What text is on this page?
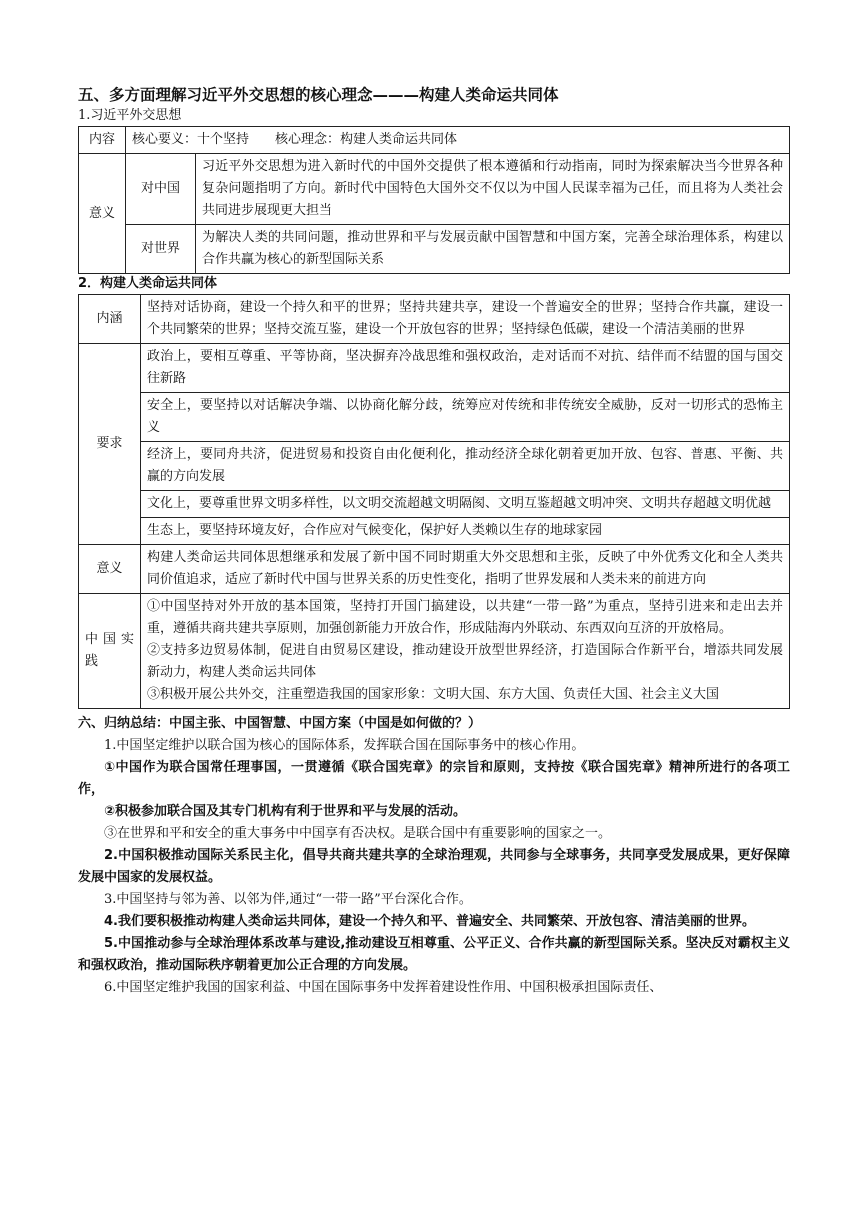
五、多方面理解习近平外交思想的核心理念———构建人类命运共同体

1.习近平外交思想

内容	核心要义：十个坚持　　核心理念：构建人类命运共同体	
意义	对中国	习近平外交思想为进入新时代的中国外交提供了根本遵循和行动指南，同时为探索解决当今世界各种复杂问题指明了方向。新时代中国特色大国外交不仅以为中国人民谋幸福为己任，而且将为人类社会共同进步展现更大担当
	对世界	为解决人类的共同问题，推动世界和平与发展贡献中国智慧和中国方案，完善全球治理体系，构建以合作共赢为核心的新型国际关系

2．构建人类命运共同体

内涵	坚持对话协商，建设一个持久和平的世界；坚持共建共享，建设一个普遍安全的世界；坚持合作共赢，建设一个共同繁荣的世界；坚持交流互鉴，建设一个开放包容的世界；坚持绿色低碳，建设一个清洁美丽的世界
要求	政治上，要相互尊重、平等协商，坚决摒弃冷战思维和强权政治，走对话而不对抗、结伴而不结盟的国与国交往新路
	安全上，要坚持以对话解决争端、以协商化解分歧，统筹应对传统和非传统安全威胁，反对一切形式的恐怖主义
	经济上，要同舟共济，促进贸易和投资自由化便利化，推动经济全球化朝着更加开放、包容、普惠、平衡、共赢的方向发展
	文化上，要尊重世界文明多样性，以文明交流超越文明隔阂、文明互鉴超越文明冲突、文明共存超越文明优越
	生态上，要坚持环境友好，合作应对气候变化，保护好人类赖以生存的地球家园
意义	构建人类命运共同体思想继承和发展了新中国不同时期重大外交思想和主张，反映了中外优秀文化和全人类共同价值追求，适应了新时代中国与世界关系的历史性变化，指明了世界发展和人类未来的前进方向
中国实践	①中国坚持对外开放的基本国策，坚持打开国门搞建设，以共建“一带一路”为重点，坚持引进来和走出去并重，遵循共商共建共享原则，加强创新能力开放合作，形成陆海内外联动、东西双向互济的开放格局。
②支持多边贸易体制，促进自由贸易区建设，推动建设开放型世界经济，打造国际合作新平台，增添共同发展新动力，构建人类命运共同体
③积极开展公共外交，注重塑造我国的国家形象：文明大国、东方大国、负责任大国、社会主义大国

六、归纳总结：中国主张、中国智慧、中国方案（中国是如何做的？）

1.中国坚定维护以联合国为核心的国际体系，发挥联合国在国际事务中的核心作用。

①中国作为联合国常任理事国，一贯遵循《联合国宪章》的宗旨和原则，支持按《联合国宪章》精神所进行的各项工作，

②积极参加联合国及其专门机构有利于世界和平与发展的活动。

③在世界和平和安全的重大事务中中国享有否决权。是联合国中有重要影响的国家之一。

2.中国积极推动国际关系民主化，倡导共商共建共享的全球治理观，共同参与全球事务，共同享受发展成果，更好保障发展中国家的发展权益。

3.中国坚持与邻为善、以邻为伴,通过“一带一路”平台深化合作。

4.我们要积极推动构建人类命运共同体，建设一个持久和平、普遍安全、共同繁荣、开放包容、清洁美丽的世界。

5.中国推动参与全球治理体系改革与建设,推动建设互相尊重、公平正义、合作共赢的新型国际关系。坚决反对霸权主义和强权政治，推动国际秩序朝着更加公正合理的方向发展。

6.中国坚定维护我国的国家利益、中国在国际事务中发挥着建设性作用、中国积极承担国际责任、
